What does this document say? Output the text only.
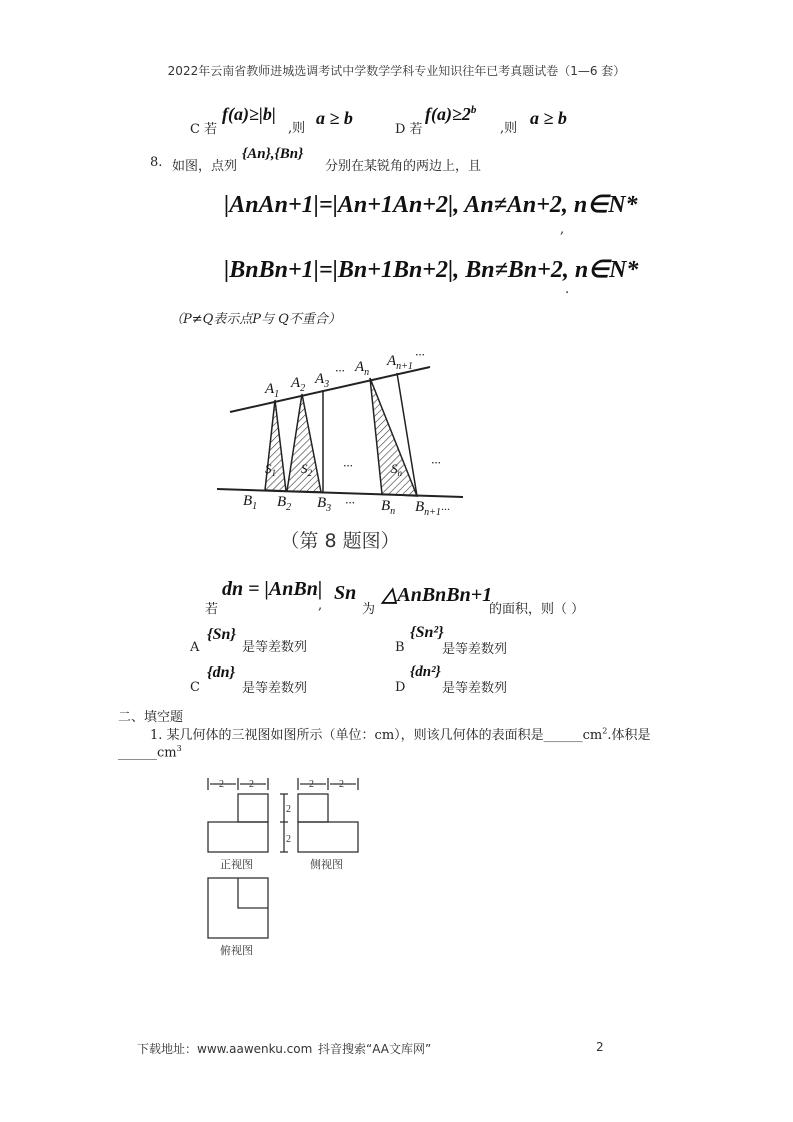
2022年云南省教师进城选调考试中学数学学科专业知识往年已考真题试卷（1—6 套）
C 若
f(a)≥|b|
,则
a ≥ b
D 若
$f(a)\ge 2^b$
,则
a ≥ b
8. 如图，点列
{An},{Bn}
分别在某锐角的两边上，且
|AnAn+1|=|An+1An+2|, An≠An+2, n∈N*
,
|BnBn+1|=|Bn+1Bn+2|, Bn≠Bn+2, n∈N*
.
（P≠Q表示点P与 Q不重合）
$A_1$
$A_2$
$A_3$
··· $A_n$
$A_{n+1}$
···
$S_1$ $S_2$ ···	$S_n$
···
$B_1$ $B_2$ $B_3$ ··· $B_n$ $B_{n+1}\cdot\cdot\cdot$
（第 8 题图）
若
dn = |AnBn|
,
Sn
为
△AnBnBn+1
的面积，则（ ）
A
{Sn}
是等差数列	B
{Sn²}
是等差数列
C
{dn}
是等差数列	D
{dn²}
是等差数列
二、填空题
1. 某几何体的三视图如图所示（单位：cm），则该几何体的表面积是$\_\_\_\_\_\_cm^2$.体积是
$\_\_\_\_\_\_cm^3$
2	2	2	2
2
2
正视图	侧视图
俯视图
下载地址：www.aawenku.com 抖音搜索“AA文库网”	2
